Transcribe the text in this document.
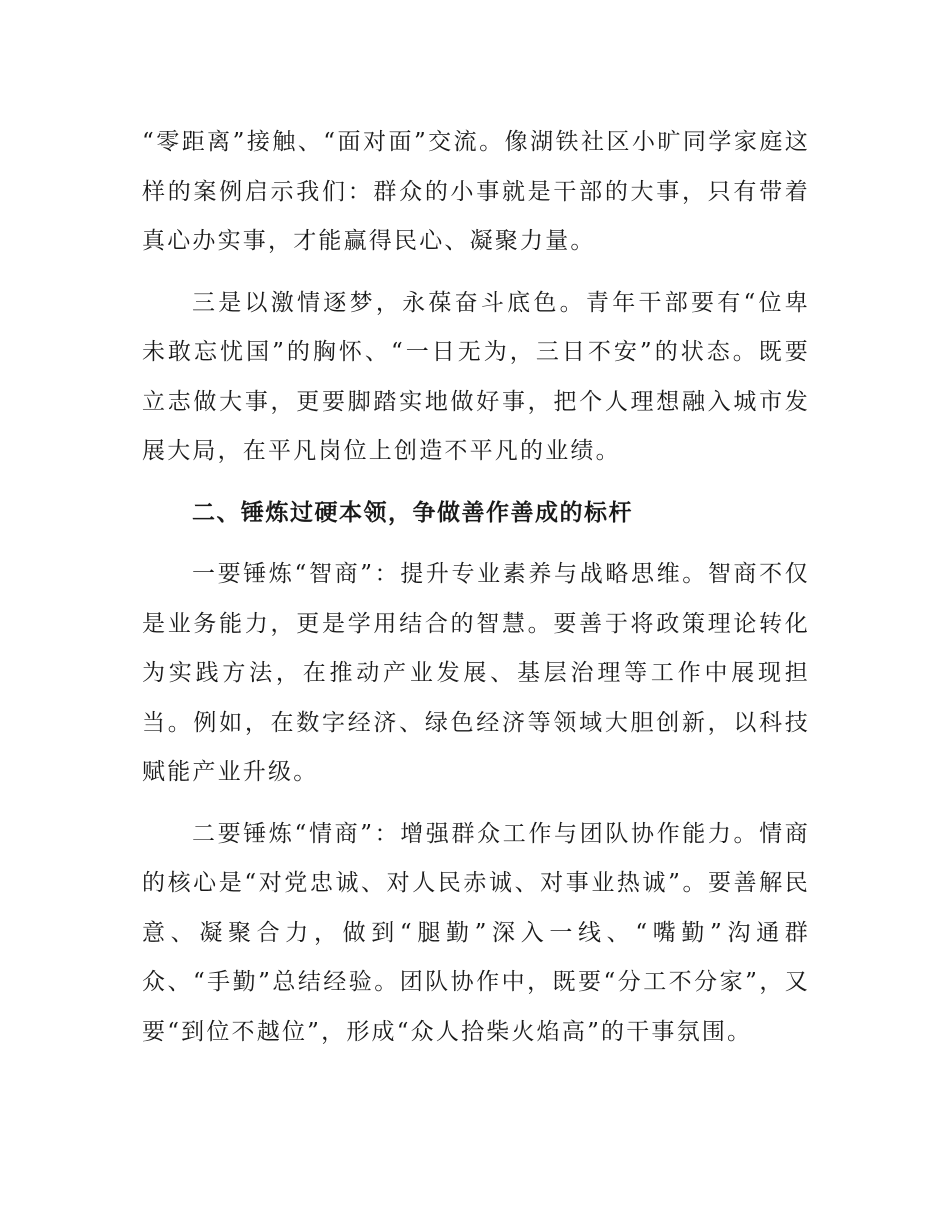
“零距离”接触、“面对面”交流。像湖铁社区小旷同学家庭这样的案例启示我们：群众的小事就是干部的大事，只有带着真心办实事，才能赢得民心、凝聚力量。

三是以激情逐梦，永葆奋斗底色。青年干部要有“位卑未敢忘忧国”的胸怀、“一日无为，三日不安”的状态。既要立志做大事，更要脚踏实地做好事，把个人理想融入城市发展大局，在平凡岗位上创造不平凡的业绩。

二、锤炼过硬本领，争做善作善成的标杆

一要锤炼“智商”：提升专业素养与战略思维。智商不仅是业务能力，更是学用结合的智慧。要善于将政策理论转化为实践方法，在推动产业发展、基层治理等工作中展现担当。例如，在数字经济、绿色经济等领域大胆创新，以科技赋能产业升级。

二要锤炼“情商”：增强群众工作与团队协作能力。情商的核心是“对党忠诚、对人民赤诚、对事业热诚”。要善解民意、凝聚合力，做到“腿勤”深入一线、“嘴勤”沟通群众、“手勤”总结经验。团队协作中，既要“分工不分家”，又要“到位不越位”，形成“众人拾柴火焰高”的干事氛围。
